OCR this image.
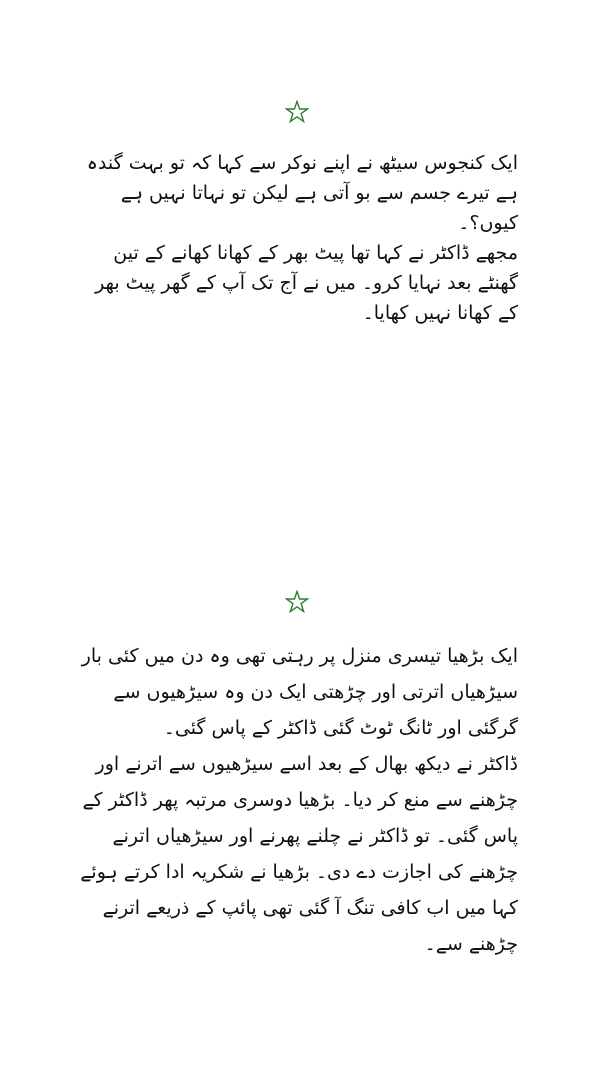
ایک کنجوس سیٹھ نے اپنے نوکر سے کہا کہ تو بہت گندہ ہے تیرے جسم سے بو آتی ہے لیکن تو نہاتا نہیں ہے کیوں؟۔

مجھے ڈاکٹر نے کہا تھا پیٹ بھر کے کھانا کھانے کے تین گھنٹے بعد نہایا کرو۔ میں نے آج تک آپ کے گھر پیٹ بھر کے کھانا نہیں کھایا۔

ایک بڑھیا تیسری منزل پر رہتی تھی وہ دن میں کئی بار سیڑھیاں اترتی اور چڑھتی ایک دن وہ سیڑھیوں سے گرگئی اور ٹانگ ٹوٹ گئی ڈاکٹر کے پاس گئی۔

ڈاکٹر نے دیکھ بھال کے بعد اسے سیڑھیوں سے اترنے اور چڑھنے سے منع کر دیا۔ بڑھیا دوسری مرتبہ پھر ڈاکٹر کے پاس گئی۔ تو ڈاکٹر نے چلنے پھرنے اور سیڑھیاں اترنے چڑھنے کی اجازت دے دی۔ بڑھیا نے شکریہ ادا کرتے ہوئے کہا میں اب کافی تنگ آ گئی تھی پائپ کے ذریعے اترنے چڑھنے سے۔
